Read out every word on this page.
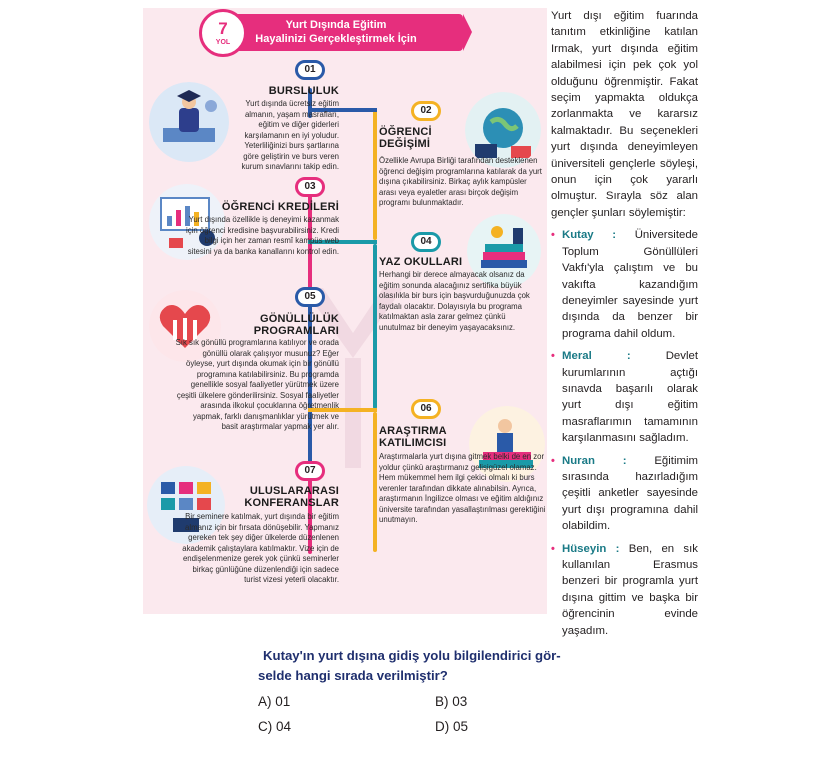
Yurt Dışında Eğitim
Hayalinizi Gerçekleştirmek İçin
7
YOL
01
BURSLULUK
Yurt dışında ücretsiz eğitim almanın, yaşam masrafları, eğitim ve diğer giderleri karşılamanın en iyi yoludur. Yeterliliğinizi burs şartlarına göre geliştirin ve burs veren kurum sınavlarını takip edin.
02
ÖĞRENCİ DEĞİŞİMİ
Özellikle Avrupa Birliği tarafından desteklenen öğrenci değişim programlarına katılarak da yurt dışına çıkabilirsiniz. Birkaç aylık kampüsler arası veya eyaletler arası birçok değişim programı bulunmaktadır.
03
ÖĞRENCİ KREDİLERİ
Yurt dışında özellikle iş deneyimi kazanmak için öğrenci kredisine başvurabilirsiniz. Kredi bilgi için her zaman resmî kampüs web sitesini ya da banka kanallarını kontrol edin.
04
YAZ OKULLARI
Herhangi bir derece almayacak olsanız da eğitim sonunda alacağınız sertifika büyük olasılıkla bir burs için başvurduğunuzda çok faydalı olacaktır. Dolayısıyla bu programa katılmaktan asla zarar gelmez çünkü unutulmaz bir deneyim yaşayacaksınız.
05
GÖNÜLLÜLÜK PROGRAMLARI
Sık sık gönüllü programlarına katılıyor ve orada gönüllü olarak çalışıyor musunuz? Eğer öyleyse, yurt dışında okumak için bir gönüllü programına katılabilirsiniz. Bu programda genellikle sosyal faaliyetler yürütmek üzere çeşitli ülkelere gönderilirsiniz. Sosyal faaliyetler arasında ilkokul çocuklarına öğretmenlik yapmak, farklı danışmanlıklar yürütmek ve basit araştırmalar yapmak yer alır.
06
ARAŞTIRMA KATILIMCISI
Araştırmalarla yurt dışına gitmek belki de en zor yoldur çünkü araştırmanız gelişigüzel olamaz. Hem mükemmel hem ilgi çekici olmalı ki burs verenler tarafından dikkate alınabilsin. Ayrıca, araştırmanın İngilizce olması ve eğitim aldığınız üniversite tarafından yasallaştırılması gerektiğini unutmayın.
07
ULUSLARARASI KONFERANSLAR
Bir seminere katılmak, yurt dışında bir eğitim almanız için bir fırsata dönüşebilir. Yapmanız gereken tek şey diğer ülkelerde düzenlenen akademik çalıştaylara katılmaktır. Vize için de endişelenmenize gerek yok çünkü seminerler birkaç günlüğüne düzenlendiği için sadece turist vizesi yeterli olacaktır.

Yurt dışı eğitim fuarında tanıtım etkinliğine katılan Irmak, yurt dışında eğitim alabilmesi için pek çok yol olduğunu öğrenmiştir. Fakat seçim yapmakta oldukça zorlanmakta ve kararsız kalmaktadır. Bu seçenekleri yurt dışında deneyimleyen üniversiteli gençlerle söyleşi, onun için çok yararlı olmuştur. Sırayla söz alan gençler şunları söylemiştir:

• Kutay : Üniversitede Toplum Gönüllüleri Vakfı'yla çalıştım ve bu vakıfta kazandığım deneyimler sayesinde yurt dışında da benzer bir programa dahil oldum.
• Meral :	Devlet kurumlarının açtığı sınavda başarılı olarak yurt dışı eğitim masraflarımın tamamının karşılanmasını sağladım.
• Nuran : Eğitimim sırasında hazırladığım çeşitli anketler sayesinde yurt dışı programına dahil olabildim.
• Hüseyin : Ben, en sık kullanılan Erasmus benzeri bir programla yurt dışına gittim ve başka bir öğrencinin evinde yaşadım.
Kutay'ın yurt dışına gidiş yolu bilgilendirici gör-
selde hangi sırada verilmiştir?
A) 01	B) 03
C) 04	D) 05
